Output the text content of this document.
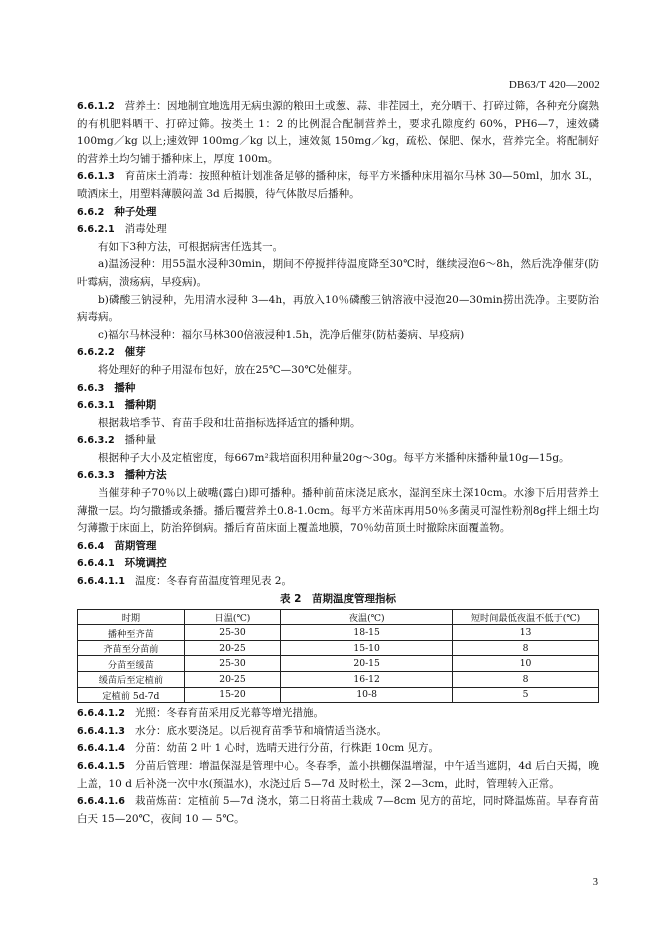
DB63/T 420—2002

6.6.1.2 营养土：因地制宜地选用无病虫源的粮田土或葱、蒜、非茬园土，充分晒干、打碎过筛，各种充分腐熟的有机肥料晒干、打碎过筛。按类土 1：2 的比例混合配制营养土，要求孔隙度约 60%，PH6—7，速效磷 100mg／kg 以上;速效钾 100mg／kg 以上，速效氮 150mg／kg，疏松、保肥、保水，营养完全。将配制好的营养土均匀铺于播种床上，厚度 100m。

6.6.1.3 育苗床土消毒：按照种植计划准备足够的播种床，每平方米播种床用福尔马林 30—50ml，加水 3L，喷洒床土，用塑料薄膜闷盖 3d 后揭膜，待气体散尽后播种。

6.6.2 种子处理

6.6.2.1 消毒处理

有如下3种方法，可根据病害任选其一。

a)温汤浸种：用55温水浸种30min，期间不停搅拌待温度降至30℃时，继续浸泡6～8h，然后洗净催芽(防叶霉病，溃疡病，早疫病)。

b)磷酸三钠浸种，先用清水浸种 3—4h，再放入10％磷酸三钠溶液中浸泡20—30min捞出洗净。主要防治病毒病。

c)福尔马林浸种：福尔马林300倍液浸种1.5h，洗净后催芽(防枯萎病、早疫病)

6.6.2.2 催芽

将处理好的种子用湿布包好，放在25℃—30℃处催芽。

6.6.3 播种

6.6.3.1 播种期

根据栽培季节、育苗手段和壮苗指标选择适宜的播种期。

6.6.3.2 播种量

根据种子大小及定植密度，每667m²栽培面积用种量20g～30g。每平方米播种床播种量10g—15g。

6.6.3.3 播种方法

当催芽种子70％以上破嘴(露白)即可播种。播种前苗床浇足底水，湿润至床土深10cm。水渗下后用营养土薄撒一层。均匀撒播或条播。播后覆营养土0.8-1.0cm。每平方米苗床再用50％多菌灵可湿性粉剂8g拌上细土均匀薄撒于床面上，防治猝倒病。播后育苗床面上覆盖地膜，70％幼苗顶土时撤除床面覆盖物。

6.6.4 苗期管理

6.6.4.1 环境调控

6.6.4.1.1 温度：冬春育苗温度管理见表 2。

表 2　苗期温度管理指标

时期	日温(℃)	夜温(℃)	短时间最低夜温不低于(℃)
播种至齐苗	25-30	18-15	13
齐苗至分苗前	20-25	15-10	8
分苗至缓苗	25-30	20-15	10
缓苗后至定植前	20-25	16-12	8
定植前 5d-7d	15-20	10-8	5

6.6.4.1.2 光照：冬春育苗采用反光幕等增光措施。

6.6.4.1.3 水分：底水要浇足。以后视育苗季节和墒情适当浇水。

6.6.4.1.4 分苗：幼苗 2 叶 1 心时，选晴天进行分苗，行株距 10cm 见方。

6.6.4.1.5 分苗后管理：增温保湿是管理中心。冬春季，盖小拱棚保温增湿，中午适当遮阴，4d 后白天揭，晚上盖，10 d 后补浇一次中水(预温水)，水浇过后 5—7d 及时松土，深 2—3cm，此时，管理转入正常。

6.6.4.1.6 栽苗炼苗：定植前 5—7d 浇水，第二日将苗土栽成 7—8cm 见方的苗坨，同时降温炼苗。早春育苗白天 15—20℃，夜间 10 — 5℃。

3
